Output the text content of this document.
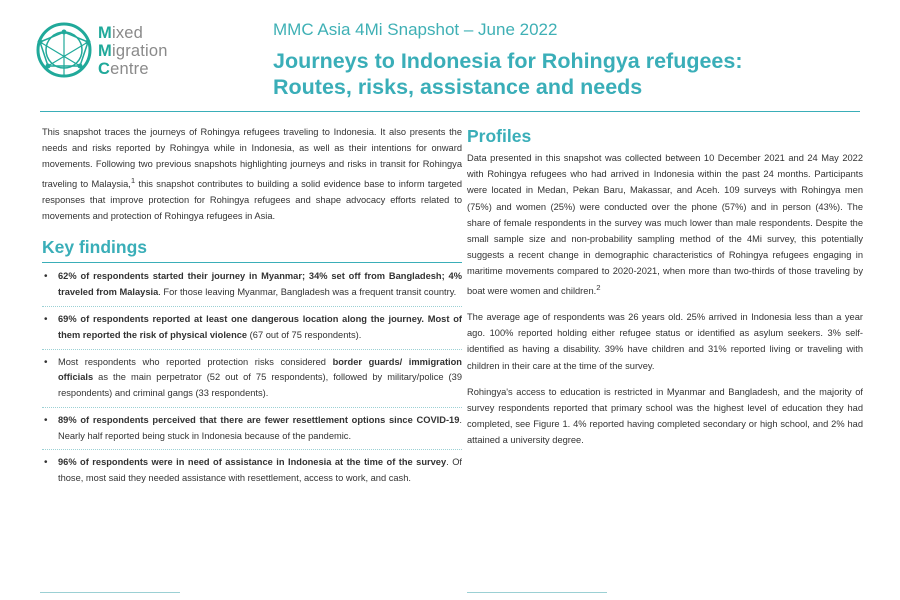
Mixed
Migration
Centre
MMC Asia 4Mi Snapshot – June 2022
Journeys to Indonesia for Rohingya refugees:
Routes, risks, assistance and needs

This snapshot traces the journeys of Rohingya refugees traveling to Indonesia. It also presents the needs and risks reported by Rohingya while in Indonesia, as well as their intentions for onward movements. Following two previous snapshots highlighting journeys and risks in transit for Rohingya traveling to Malaysia,$^1$ this snapshot contributes to building a solid evidence base to inform targeted responses that improve protection for Rohingya refugees and shape advocacy efforts related to movements and protection of Rohingya refugees in Asia.

Key findings
• 62% of respondents started their journey in Myanmar; 34% set off from Bangladesh; 4% traveled from Malaysia. For those leaving Myanmar, Bangladesh was a frequent transit country.
• 69% of respondents reported at least one dangerous location along the journey. Most of them reported the risk of physical violence (67 out of 75 respondents).
• Most respondents who reported protection risks considered border guards/ immigration officials as the main perpetrator (52 out of 75 respondents), followed by military/police (39 respondents) and criminal gangs (33 respondents).
• 89% of respondents perceived that there are fewer resettlement options since COVID-19. Nearly half reported being stuck in Indonesia because of the pandemic.
• 96% of respondents were in need of assistance in Indonesia at the time of the survey. Of those, most said they needed assistance with resettlement, access to work, and cash.
Profiles

Data presented in this snapshot was collected between 10 December 2021 and 24 May 2022 with Rohingya refugees who had arrived in Indonesia within the past 24 months. Participants were located in Medan, Pekan Baru, Makassar, and Aceh. 109 surveys with Rohingya men (75%) and women (25%) were conducted over the phone (57%) and in person (43%). The share of female respondents in the survey was much lower than male respondents. Despite the small sample size and non-probability sampling method of the 4Mi survey, this potentially suggests a recent change in demographic characteristics of Rohingya refugees engaging in maritime movements compared to 2020-2021, when more than two-thirds of those traveling by boat were women and children.$^2$

The average age of respondents was 26 years old. 25% arrived in Indonesia less than a year ago. 100% reported holding either refugee status or identified as asylum seekers. 3% self-identified as having a disability. 39% have children and 31% reported living or traveling with children in their care at the time of the survey.

Rohingya's access to education is restricted in Myanmar and Bangladesh, and the majority of survey respondents reported that primary school was the highest level of education they had completed, see Figure 1. 4% reported having completed secondary or high school, and 2% had attained a university degree.
